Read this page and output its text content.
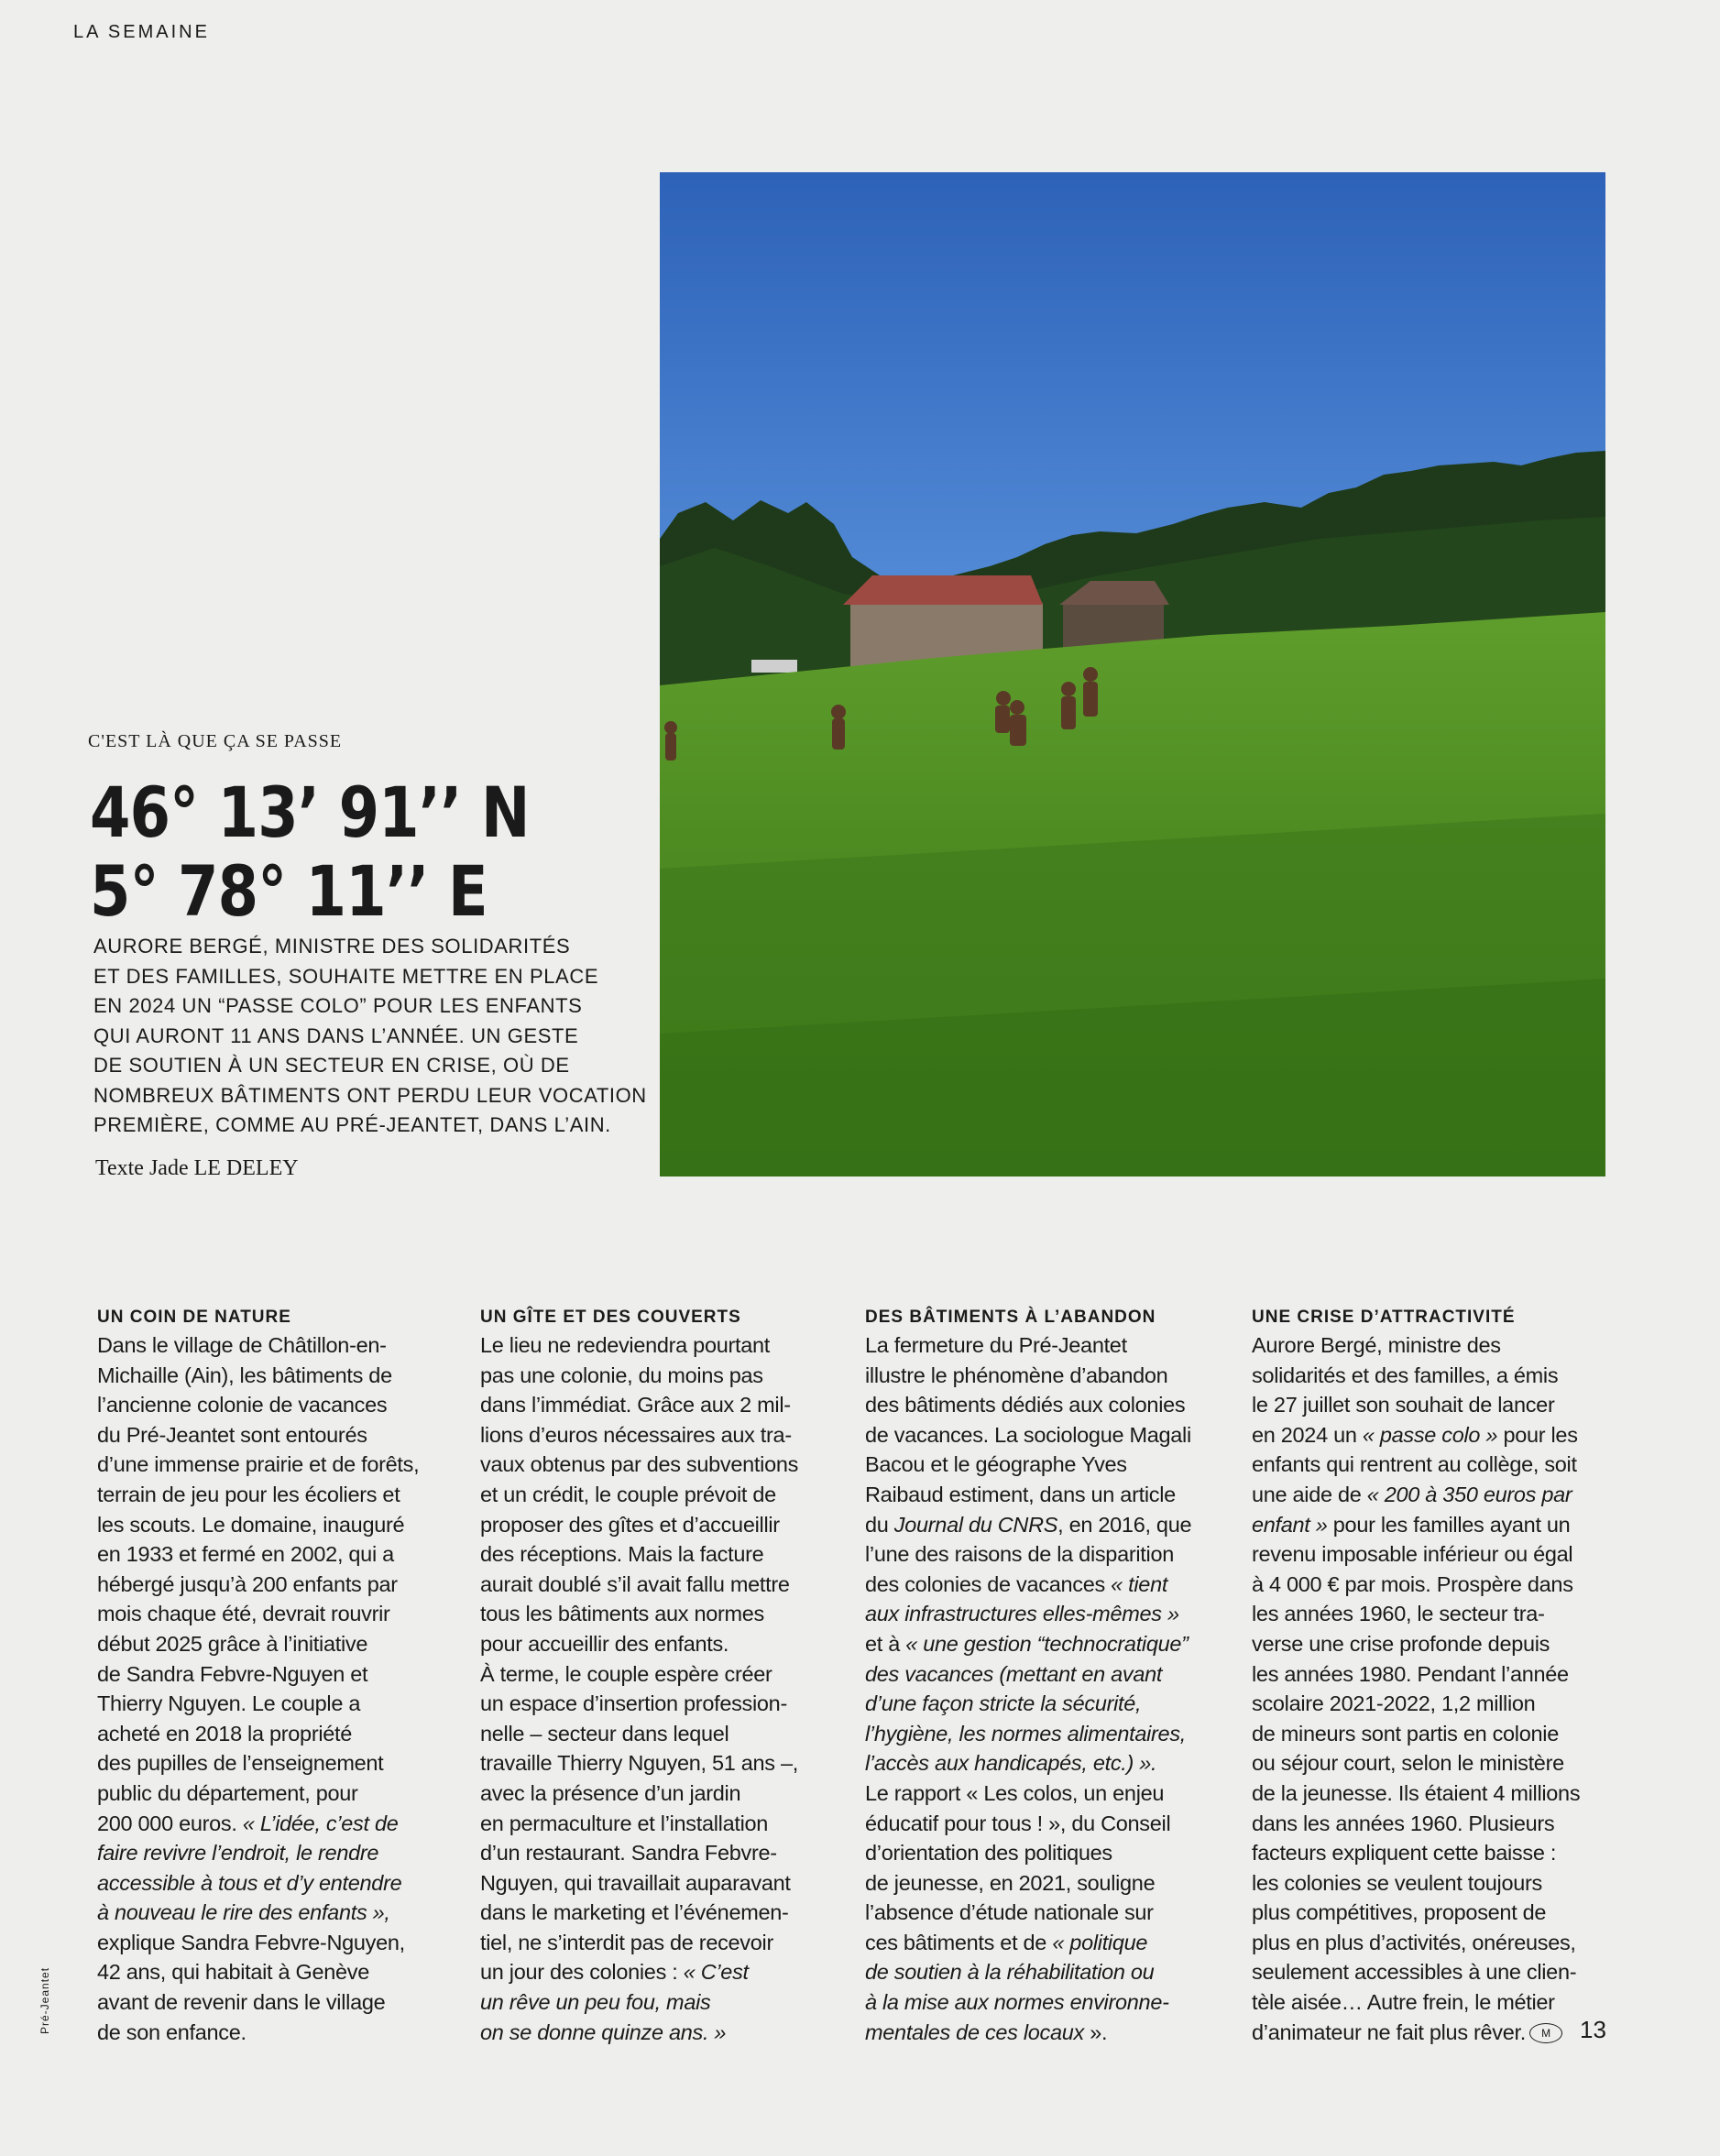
LA SEMAINE
C'EST LÀ QUE ÇA SE PASSE
46° 13’ 91’’ N
5° 78° 11’’ E
AURORE BERGÉ, MINISTRE DES SOLIDARITÉS
ET DES FAMILLES, SOUHAITE METTRE EN PLACE
EN 2024 UN “PASSE COLO” POUR LES ENFANTS
QUI AURONT 11 ANS DANS L’ANNÉE. UN GESTE
DE SOUTIEN À UN SECTEUR EN CRISE, OÙ DE
NOMBREUX BÂTIMENTS ONT PERDU LEUR VOCATION
PREMIÈRE, COMME AU PRÉ-JEANTET, DANS L’AIN.
Texte Jade LE DELEY
UN COIN DE NATURE
Dans le village de Châtillon-en-
Michaille (Ain), les bâtiments de
l’ancienne colonie de vacances
du Pré-Jeantet sont entourés
d’une immense prairie et de forêts,
terrain de jeu pour les écoliers et
les scouts. Le domaine, inauguré
en 1933 et fermé en 2002, qui a
hébergé jusqu’à 200 enfants par
mois chaque été, devrait rouvrir
début 2025 grâce à l’initiative
de Sandra Febvre-Nguyen et
Thierry Nguyen. Le couple a
acheté en 2018 la propriété
des pupilles de l’enseignement
public du département, pour
200 000 euros. « L’idée, c’est de
faire revivre l’endroit, le rendre
accessible à tous et d’y entendre
à nouveau le rire des enfants »,
explique Sandra Febvre-Nguyen,
42 ans, qui habitait à Genève
avant de revenir dans le village
de son enfance.
UN GÎTE ET DES COUVERTS
Le lieu ne redeviendra pourtant
pas une colonie, du moins pas
dans l’immédiat. Grâce aux 2 mil-
lions d’euros nécessaires aux tra-
vaux obtenus par des subventions
et un crédit, le couple prévoit de
proposer des gîtes et d’accueillir
des réceptions. Mais la facture
aurait doublé s’il avait fallu mettre
tous les bâtiments aux normes
pour accueillir des enfants.
À terme, le couple espère créer
un espace d’insertion profession-
nelle – secteur dans lequel
travaille Thierry Nguyen, 51 ans –,
avec la présence d’un jardin
en permaculture et l’installation
d’un restaurant. Sandra Febvre-
Nguyen, qui travaillait auparavant
dans le marketing et l’événemen-
tiel, ne s’interdit pas de recevoir
un jour des colonies : « C’est
un rêve un peu fou, mais
on se donne quinze ans. »
DES BÂTIMENTS À L’ABANDON
La fermeture du Pré-Jeantet
illustre le phénomène d’abandon
des bâtiments dédiés aux colonies
de vacances. La sociologue Magali
Bacou et le géographe Yves
Raibaud estiment, dans un article
du Journal du CNRS, en 2016, que
l’une des raisons de la disparition
des colonies de vacances « tient
aux infrastructures elles-mêmes »
et à « une gestion “technocratique”
des vacances (mettant en avant
d’une façon stricte la sécurité,
l’hygiène, les normes alimentaires,
l’accès aux handicapés, etc.) ».
Le rapport « Les colos, un enjeu
éducatif pour tous ! », du Conseil
d’orientation des politiques
de jeunesse, en 2021, souligne
l’absence d’étude nationale sur
ces bâtiments et de « politique
de soutien à la réhabilitation ou
à la mise aux normes environne-
mentales de ces locaux ».
UNE CRISE D’ATTRACTIVITÉ
Aurore Bergé, ministre des
solidarités et des familles, a émis
le 27 juillet son souhait de lancer
en 2024 un « passe colo » pour les
enfants qui rentrent au collège, soit
une aide de « 200 à 350 euros par
enfant » pour les familles ayant un
revenu imposable inférieur ou égal
à 4 000 € par mois. Prospère dans
les années 1960, le secteur tra-
verse une crise profonde depuis
les années 1980. Pendant l’année
scolaire 2021-2022, 1,2 million
de mineurs sont partis en colonie
ou séjour court, selon le ministère
de la jeunesse. Ils étaient 4 millions
dans les années 1960. Plusieurs
facteurs expliquent cette baisse :
les colonies se veulent toujours
plus compétitives, proposent de
plus en plus d’activités, onéreuses,
seulement accessibles à une clien-
tèle aisée… Autre frein, le métier
d’animateur ne fait plus rêver. M
Pré-Jeantet	13
